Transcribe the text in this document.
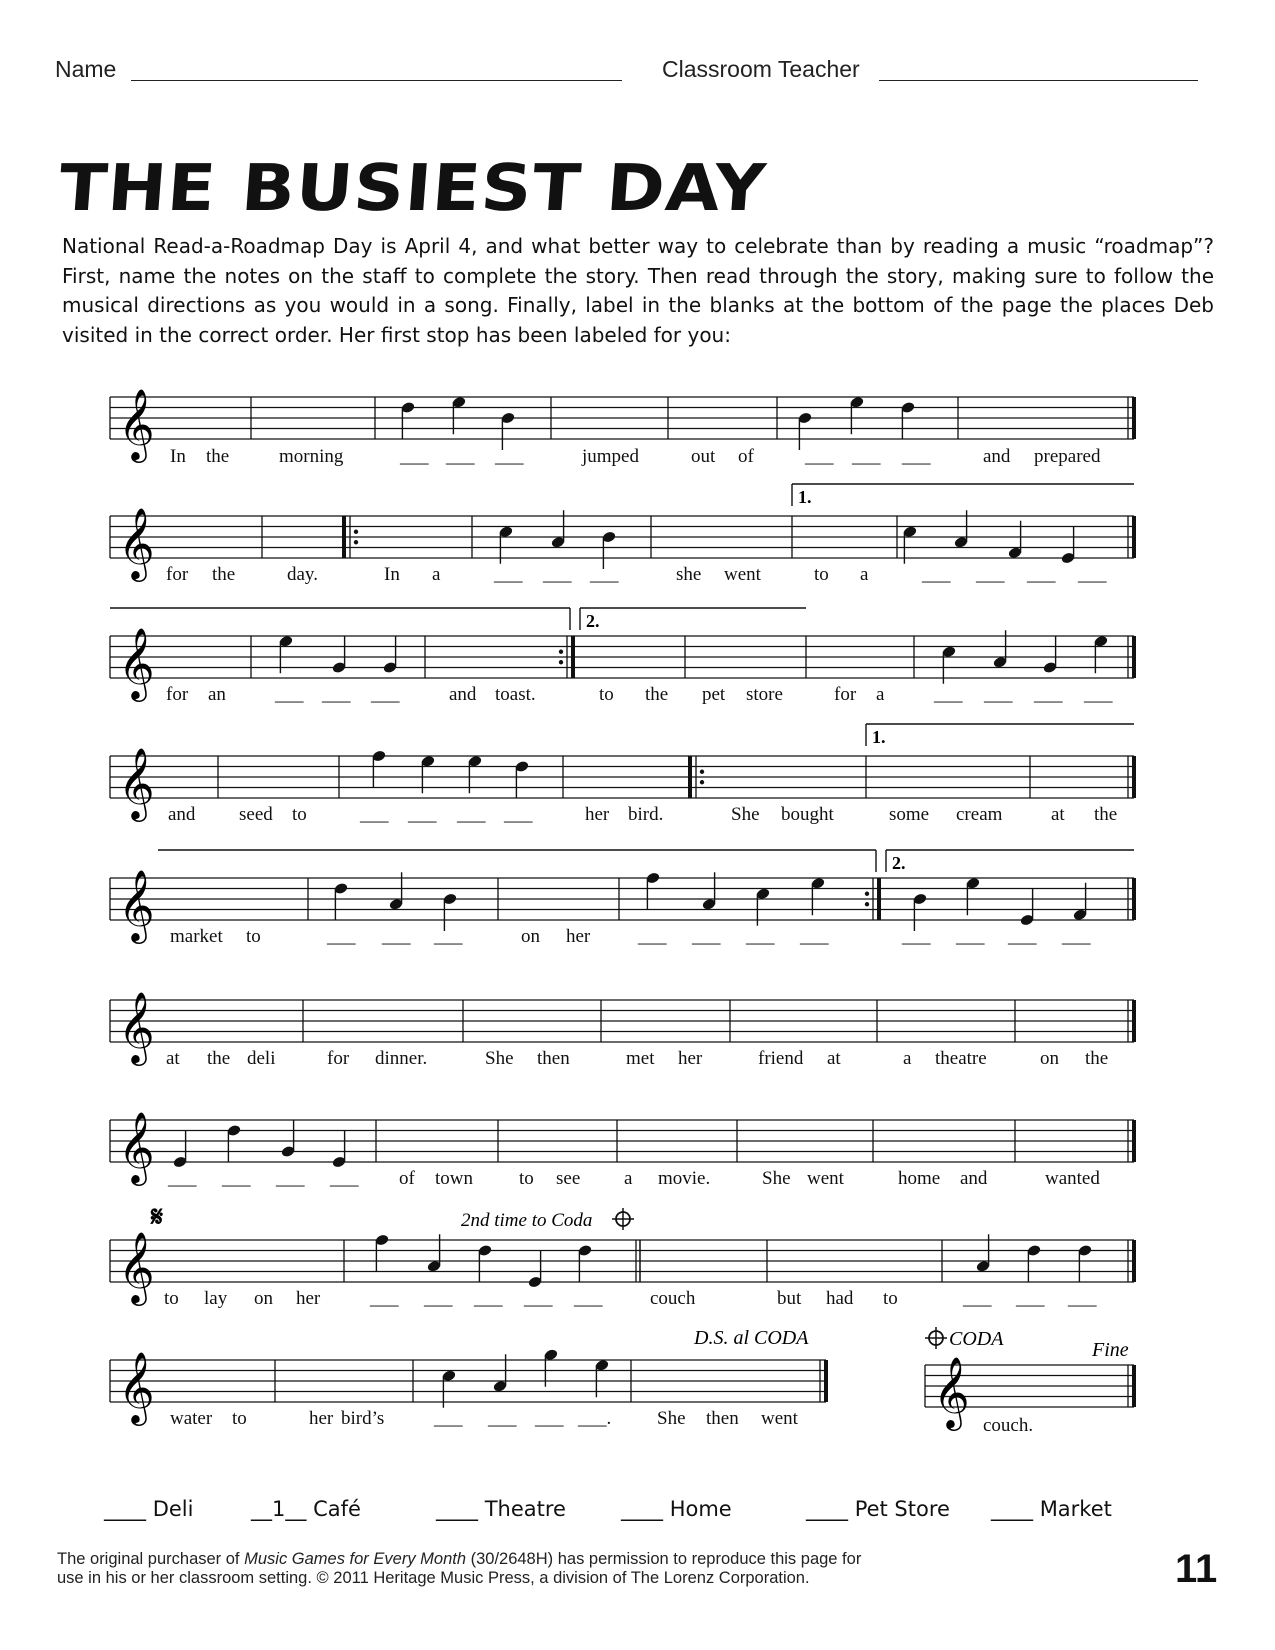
Name	Classroom Teacher
THE BUSIEST DAY
National Read-a-Roadmap Day is April 4, and what better way to celebrate than by reading a music “roadmap”? First, name the notes on the staff to complete the story. Then read through the story, making sure to follow the musical directions as you would in a song. Finally, label in the blanks at the bottom of the page the places Deb visited in the correct order. Her first stop has been labeled for you:
𝄞 In the	morning	___ ___ ___	jumped	out of	___ ___ ___	and prepared
𝄞
1.
for the	day.	In a	___ ___ ___	she went	to a	___ ___ ___ ___
𝄞
2.
for an	___ ___ ___	and toast.	to the pet store	for a	___ ___ ___ ___
𝄞
1.
and seed to	___ ___ ___ ___	her bird.	She bought	some cream	at the
𝄞
2.
market to	___ ___ ___	on her	___ ___ ___ ___	___ ___ ___ ___
𝄞 at the deli	for dinner.	She then	met her	friend at	a theatre	on the
𝄞 ___ ___ ___ ___ of town to see a movie.	She went	home and	wanted
𝄞
𝄋	2nd time to Coda
to lay on her	___ ___ ___ ___ ___	couch	but had to	___ ___ ___
𝄞
D.S. al CODA
water to	her bird’s	___ ___ ___ ___. She then went 𝄞
CODA	Fine
couch.
____ Deli	__1__ Café	____ Theatre	____ Home	____ Pet Store ____ Market
The original purchaser of Music Games for Every Month (30/2648H) has permission to reproduce this page for
use in his or her classroom setting. © 2011 Heritage Music Press, a division of The Lorenz Corporation.	11
